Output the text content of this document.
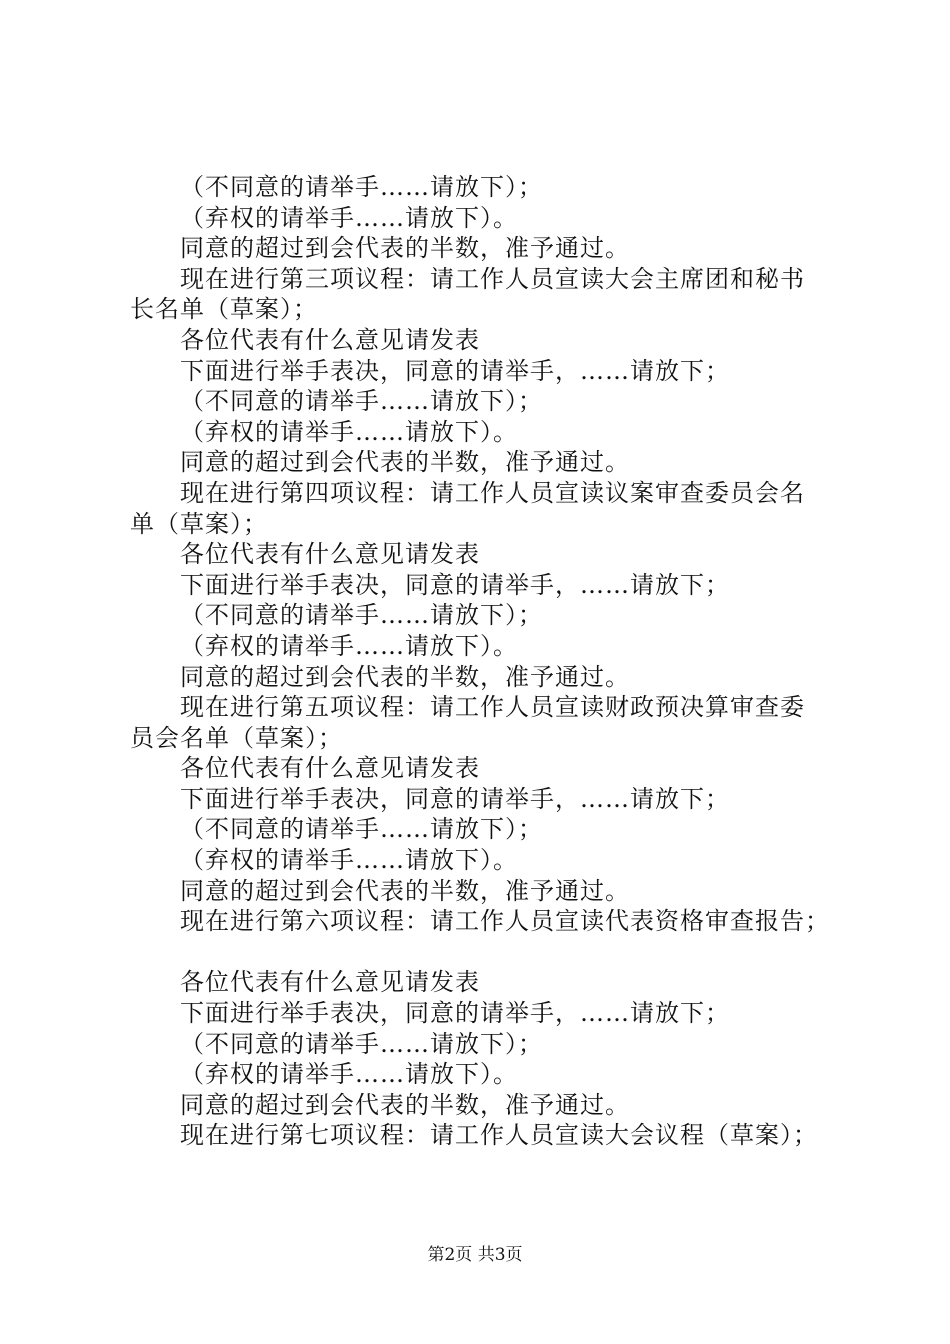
（不同意的请举手……请放下）；
（弃权的请举手……请放下）。
同意的超过到会代表的半数，准予通过。
现在进行第三项议程：请工作人员宣读大会主席团和秘书
长名单（草案）；
各位代表有什么意见请发表
下面进行举手表决，同意的请举手，……请放下；
（不同意的请举手……请放下）；
（弃权的请举手……请放下）。
同意的超过到会代表的半数，准予通过。
现在进行第四项议程：请工作人员宣读议案审查委员会名
单（草案）；
各位代表有什么意见请发表
下面进行举手表决，同意的请举手，……请放下；
（不同意的请举手……请放下）；
（弃权的请举手……请放下）。
同意的超过到会代表的半数，准予通过。
现在进行第五项议程：请工作人员宣读财政预决算审查委
员会名单（草案）；
各位代表有什么意见请发表
下面进行举手表决，同意的请举手，……请放下；
（不同意的请举手……请放下）；
（弃权的请举手……请放下）。
同意的超过到会代表的半数，准予通过。
现在进行第六项议程：请工作人员宣读代表资格审查报告；
各位代表有什么意见请发表
下面进行举手表决，同意的请举手，……请放下；
（不同意的请举手……请放下）；
（弃权的请举手……请放下）。
同意的超过到会代表的半数，准予通过。
现在进行第七项议程：请工作人员宣读大会议程（草案）；
第2页 共3页
